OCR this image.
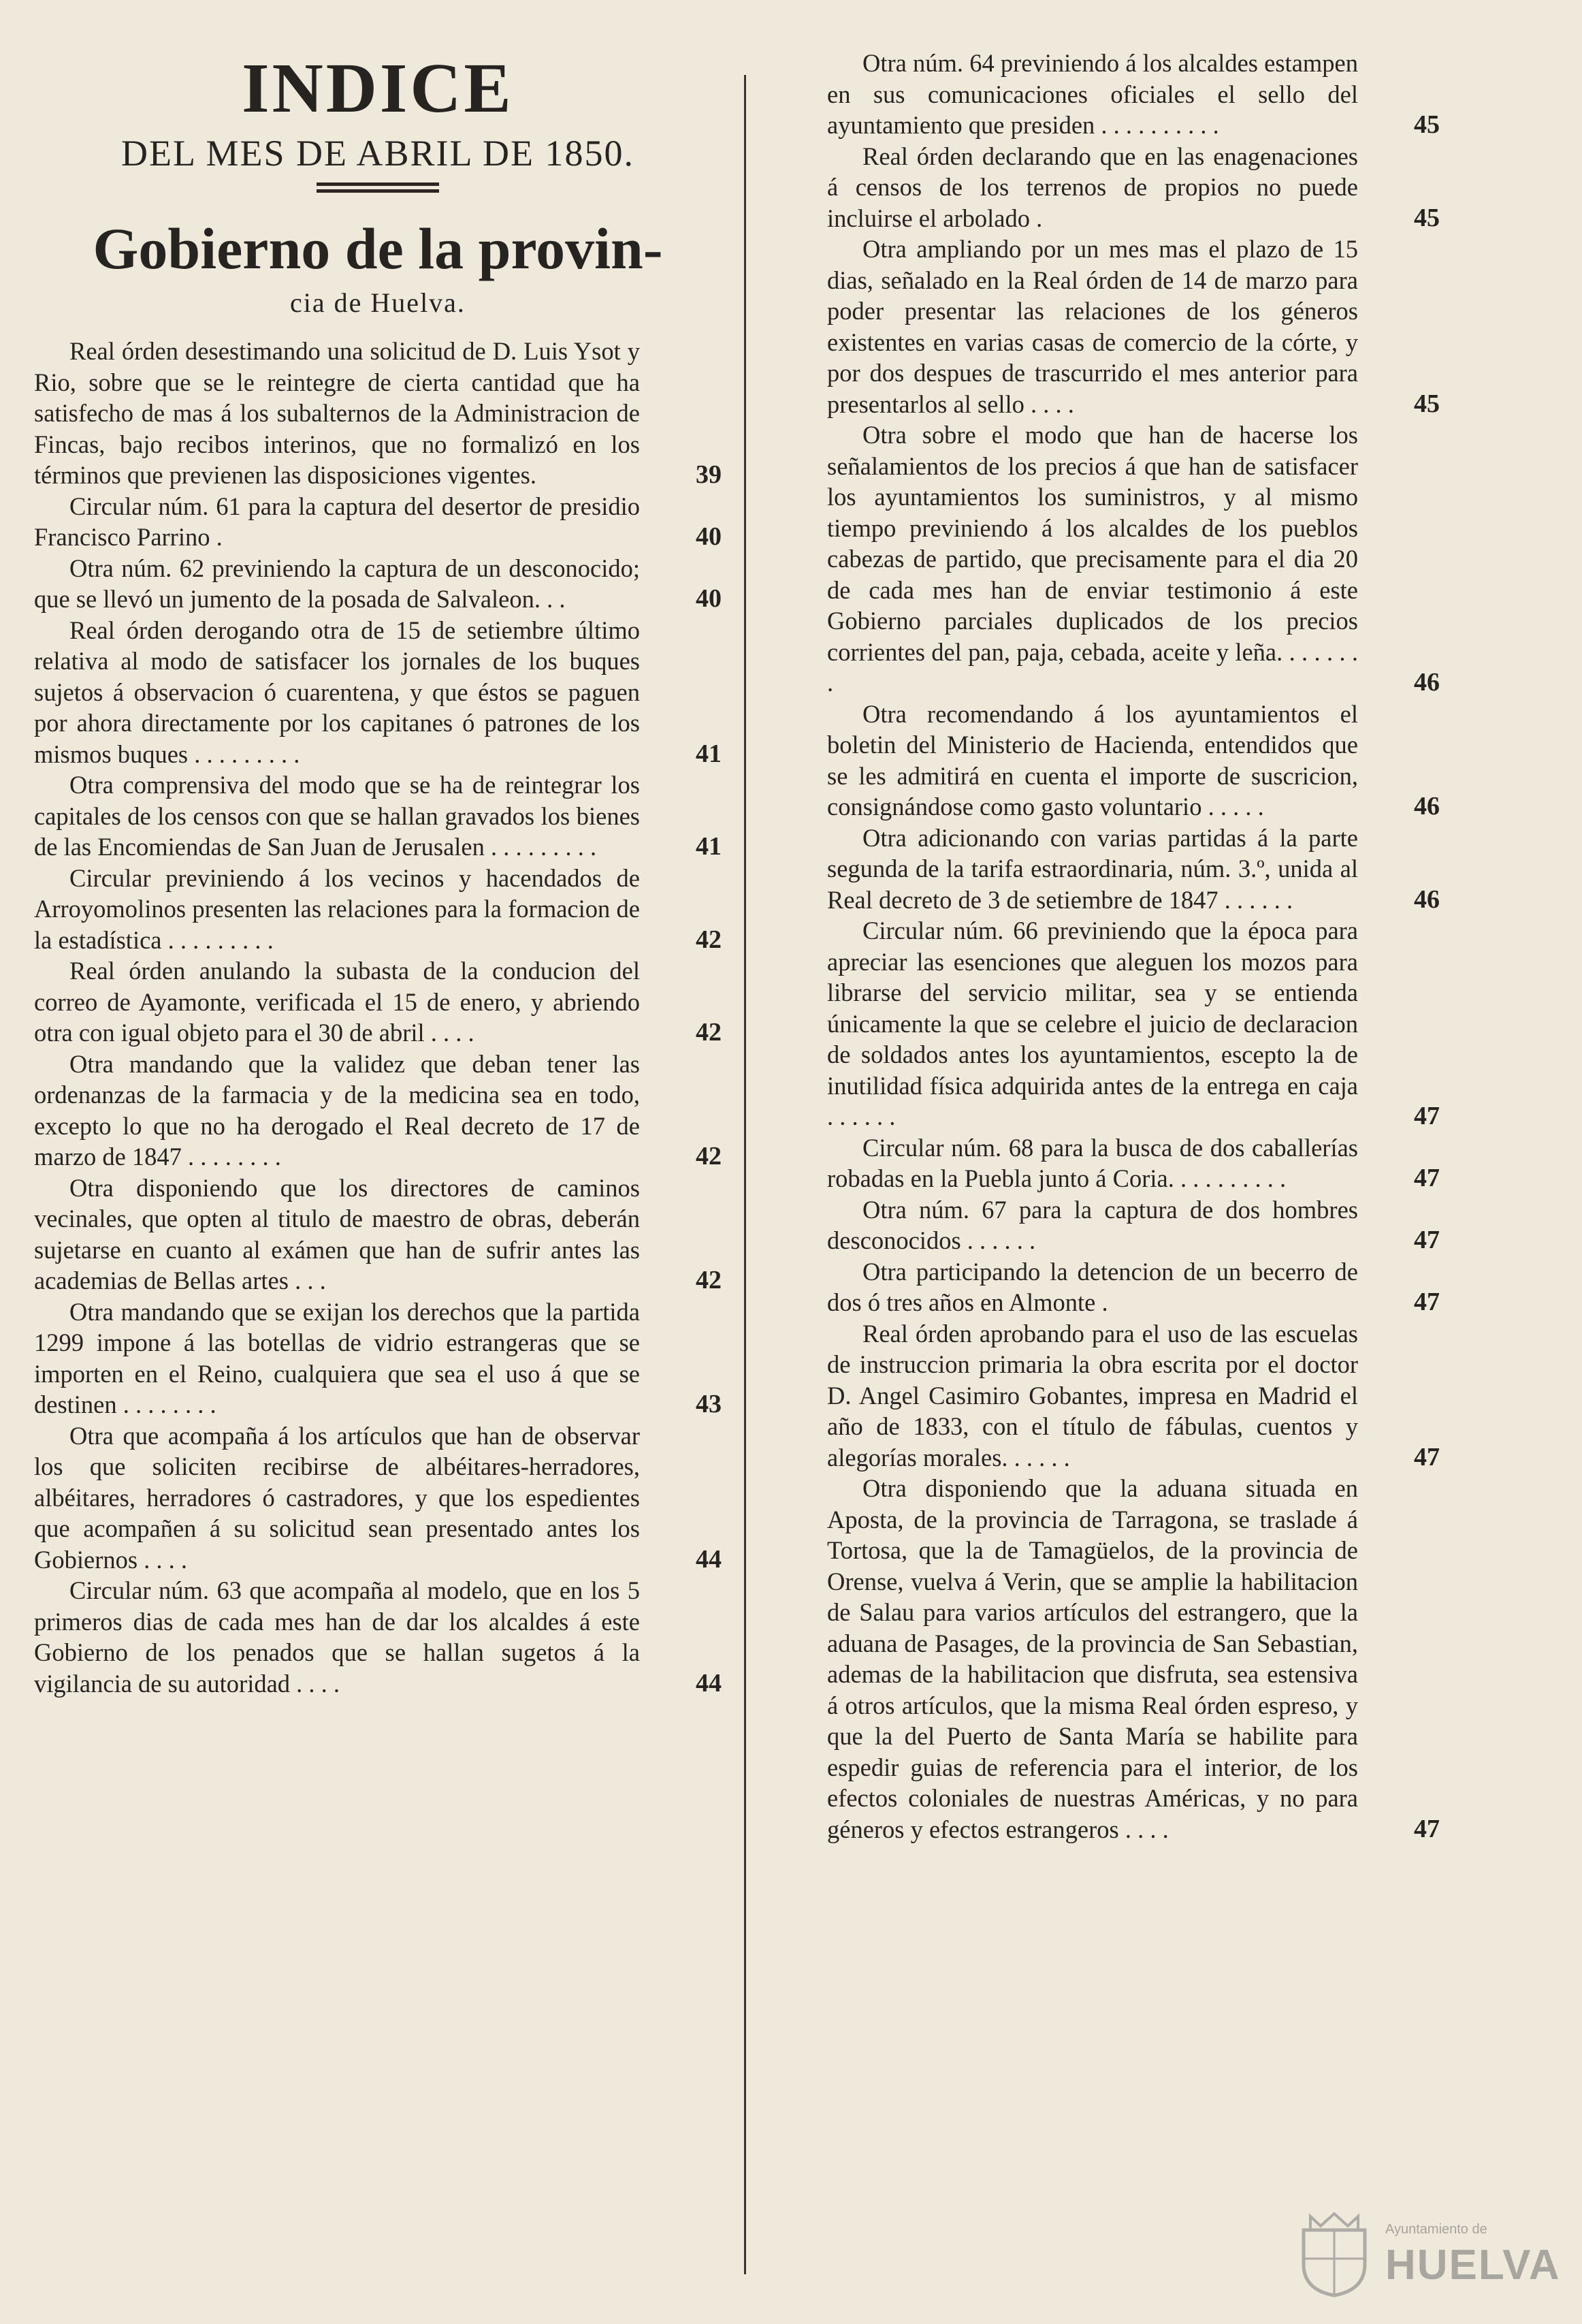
INDICE

DEL MES DE ABRIL DE 1850.

Gobierno de la provin-

cia de Huelva.

Real órden desestimando una solicitud de D. Luis Ysot y Rio, sobre que se le reintegre de cierta cantidad que ha satisfecho de mas á los subalternos de la Administracion de Fincas, bajo recibos interinos, que no formalizó en los términos que previenen las disposiciones vigentes.	39

Circular núm. 61 para la captura del desertor de presidio Francisco Parrino .	40

Otra núm. 62 previniendo la captura de un desconocido; que se llevó un jumento de la posada de Salvaleon. . .	40

Real órden derogando otra de 15 de setiembre último relativa al modo de satisfacer los jornales de los buques sujetos á observacion ó cuarentena, y que éstos se paguen por ahora directamente por los capitanes ó patrones de los mismos buques . . . . . . . . .	41

Otra comprensiva del modo que se ha de reintegrar los capitales de los censos con que se hallan gravados los bienes de las Encomiendas de San Juan de Jerusalen . . . . . . . . .	41

Circular previniendo á los vecinos y hacendados de Arroyomolinos presenten las relaciones para la formacion de la estadística . . . . . . . . .	42

Real órden anulando la subasta de la conducion del correo de Ayamonte, verificada el 15 de enero, y abriendo otra con igual objeto para el 30 de abril . . . .	42

Otra mandando que la validez que deban tener las ordenanzas de la farmacia y de la medicina sea en todo, excepto lo que no ha derogado el Real decreto de 17 de marzo de 1847 . . . . . . . .	42

Otra disponiendo que los directores de caminos vecinales, que opten al titulo de maestro de obras, deberán sujetarse en cuanto al exámen que han de sufrir antes las academias de Bellas artes . . .	42

Otra mandando que se exijan los derechos que la partida 1299 impone á las botellas de vidrio estrangeras que se importen en el Reino, cualquiera que sea el uso á que se destinen . . . . . . . .	43

Otra que acompaña á los artículos que han de observar los que soliciten recibirse de albéitares-herradores, albéitares, herradores ó castradores, y que los espedientes que acompañen á su solicitud sean presentado antes los Gobiernos . . . .	44

Circular núm. 63 que acompaña al modelo, que en los 5 primeros dias de cada mes han de dar los alcaldes á este Gobierno de los penados que se hallan sugetos á la vigilancia de su autoridad . . . .	44

Otra núm. 64 previniendo á los alcaldes estampen en sus comunicaciones oficiales el sello del ayuntamiento que presiden . . . . . . . . . .	45

Real órden declarando que en las enagenaciones á censos de los terrenos de propios no puede incluirse el arbolado .	45

Otra ampliando por un mes mas el plazo de 15 dias, señalado en la Real órden de 14 de marzo para poder presentar las relaciones de los géneros existentes en varias casas de comercio de la córte, y por dos despues de trascurrido el mes anterior para presentarlos al sello . . . .	45

Otra sobre el modo que han de hacerse los señalamientos de los precios á que han de satisfacer los ayuntamientos los suministros, y al mismo tiempo previniendo á los alcaldes de los pueblos cabezas de partido, que precisamente para el dia 20 de cada mes han de enviar testimonio á este Gobierno parciales duplicados de los precios corrientes del pan, paja, cebada, aceite y leña. . . . . . . .	46

Otra recomendando á los ayuntamientos el boletin del Ministerio de Hacienda, entendidos que se les admitirá en cuenta el importe de suscricion, consignándose como gasto voluntario . . . . .	46

Otra adicionando con varias partidas á la parte segunda de la tarifa estraordinaria, núm. 3.º, unida al Real decreto de 3 de setiembre de 1847 . . . . . .	46

Circular núm. 66 previniendo que la época para apreciar las esenciones que aleguen los mozos para librarse del servicio militar, sea y se entienda únicamente la que se celebre el juicio de declaracion de soldados antes los ayuntamientos, escepto la de inutilidad física adquirida antes de la entrega en caja . . . . . .	47

Circular núm. 68 para la busca de dos caballerías robadas en la Puebla junto á Coria. . . . . . . . . .	47

Otra núm. 67 para la captura de dos hombres desconocidos . . . . . .	47

Otra participando la detencion de un becerro de dos ó tres años en Almonte .	47

Real órden aprobando para el uso de las escuelas de instruccion primaria la obra escrita por el doctor D. Angel Casimiro Gobantes, impresa en Madrid el año de 1833, con el título de fábulas, cuentos y alegorías morales. . . . . .	47

Otra disponiendo que la aduana situada en Aposta, de la provincia de Tarragona, se traslade á Tortosa, que la de Tamagüelos, de la provincia de Orense, vuelva á Verin, que se amplie la habilitacion de Salau para varios artículos del estrangero, que la aduana de Pasages, de la provincia de San Sebastian, ademas de la habilitacion que disfruta, sea estensiva á otros artículos, que la misma Real órden espreso, y que la del Puerto de Santa María se habilite para espedir guias de referencia para el interior, de los efectos coloniales de nuestras Américas, y no para géneros y efectos estrangeros . . . .	47

Ayuntamiento de
HUELVA
